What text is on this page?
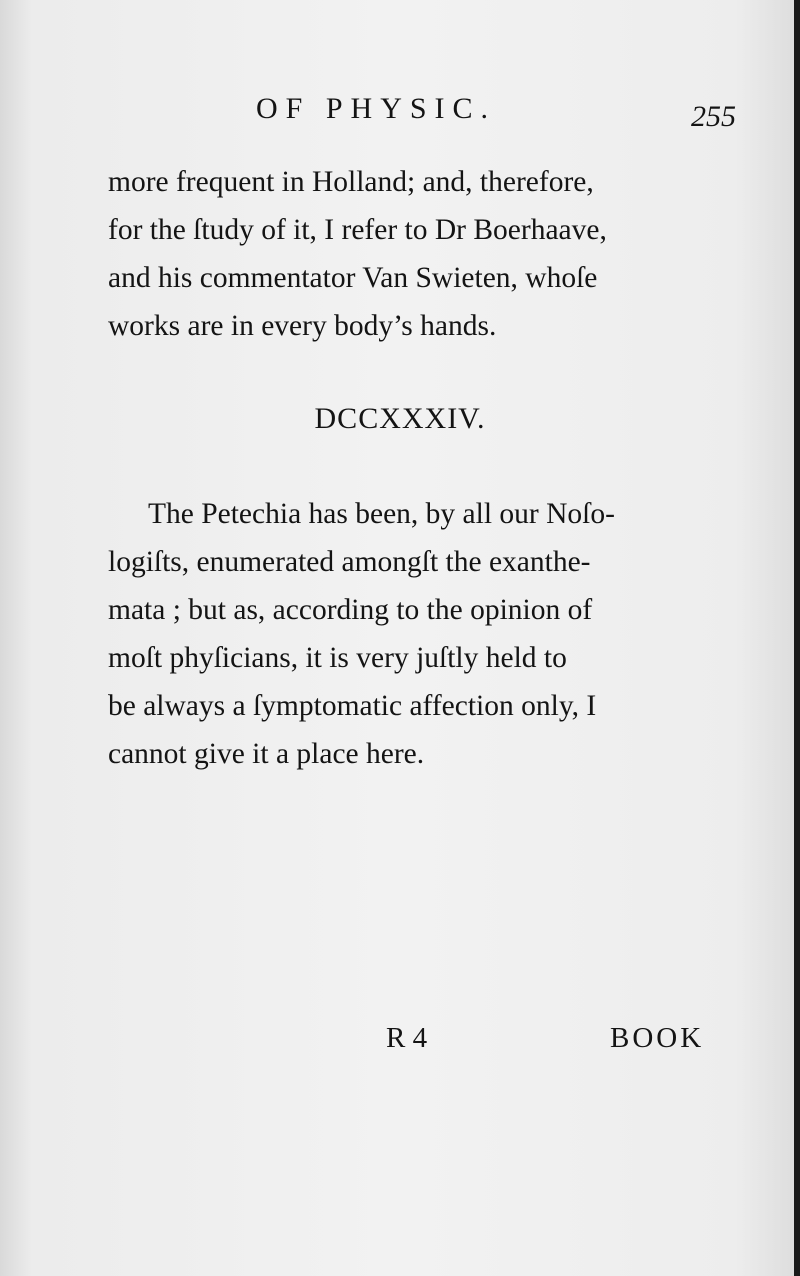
OF PHYSIC.	255
more frequent in Holland; and, therefore,
for the ſtudy of it, I refer to Dr Boerhaave,
and his commentator Van Swieten, whoſe
works are in every body’s hands.
DCCXXXIV.
The Petechia has been, by all our Noſo-
logiſts, enumerated amongſt the exanthe-
mata ; but as, according to the opinion of
moſt phyſicians, it is very juſtly held to
be always a ſymptomatic affection only, I
cannot give it a place here.
R 4	BOOK
